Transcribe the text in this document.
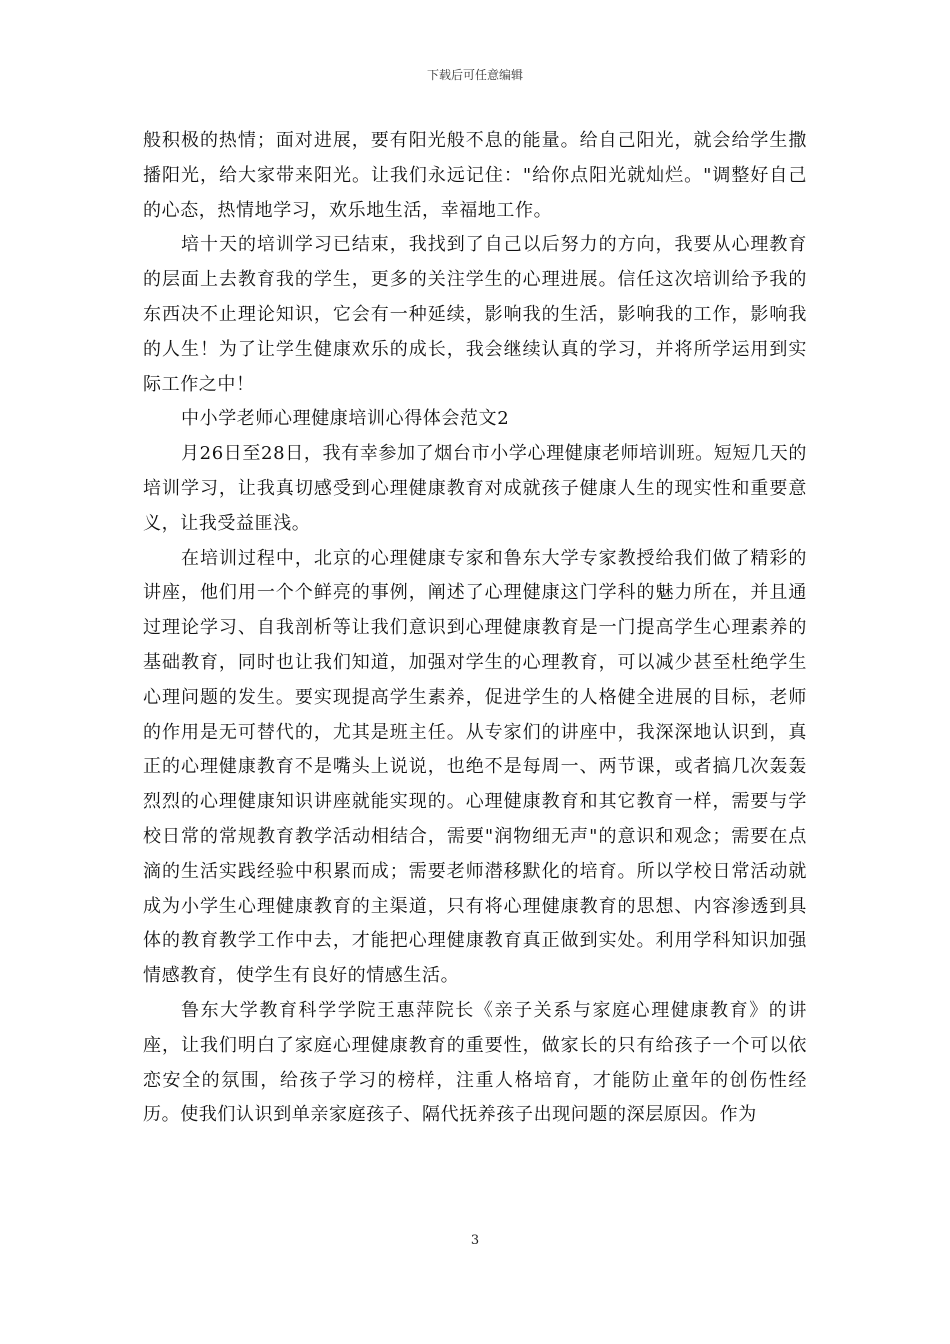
下载后可任意编辑

般积极的热情；面对进展，要有阳光般不息的能量。给自己阳光，就会给学生撒播阳光，给大家带来阳光。让我们永远记住："给你点阳光就灿烂。"调整好自己的心态，热情地学习，欢乐地生活，幸福地工作。

培十天的培训学习已结束，我找到了自己以后努力的方向，我要从心理教育的层面上去教育我的学生，更多的关注学生的心理进展。信任这次培训给予我的东西决不止理论知识，它会有一种延续，影响我的生活，影响我的工作，影响我的人生！为了让学生健康欢乐的成长，我会继续认真的学习，并将所学运用到实际工作之中！

中小学老师心理健康培训心得体会范文2

月26日至28日，我有幸参加了烟台市小学心理健康老师培训班。短短几天的培训学习，让我真切感受到心理健康教育对成就孩子健康人生的现实性和重要意义，让我受益匪浅。

在培训过程中，北京的心理健康专家和鲁东大学专家教授给我们做了精彩的讲座，他们用一个个鲜亮的事例，阐述了心理健康这门学科的魅力所在，并且通过理论学习、自我剖析等让我们意识到心理健康教育是一门提高学生心理素养的基础教育，同时也让我们知道，加强对学生的心理教育，可以减少甚至杜绝学生心理问题的发生。要实现提高学生素养，促进学生的人格健全进展的目标，老师的作用是无可替代的，尤其是班主任。从专家们的讲座中，我深深地认识到，真正的心理健康教育不是嘴头上说说，也绝不是每周一、两节课，或者搞几次轰轰烈烈的心理健康知识讲座就能实现的。心理健康教育和其它教育一样，需要与学校日常的常规教育教学活动相结合，需要"润物细无声"的意识和观念；需要在点滴的生活实践经验中积累而成；需要老师潜移默化的培育。所以学校日常活动就成为小学生心理健康教育的主渠道，只有将心理健康教育的思想、内容渗透到具体的教育教学工作中去，才能把心理健康教育真正做到实处。利用学科知识加强情感教育，使学生有良好的情感生活。

鲁东大学教育科学学院王惠萍院长《亲子关系与家庭心理健康教育》的讲座，让我们明白了家庭心理健康教育的重要性，做家长的只有给孩子一个可以依恋安全的氛围，给孩子学习的榜样，注重人格培育，才能防止童年的创伤性经历。使我们认识到单亲家庭孩子、隔代抚养孩子出现问题的深层原因。作为

3
